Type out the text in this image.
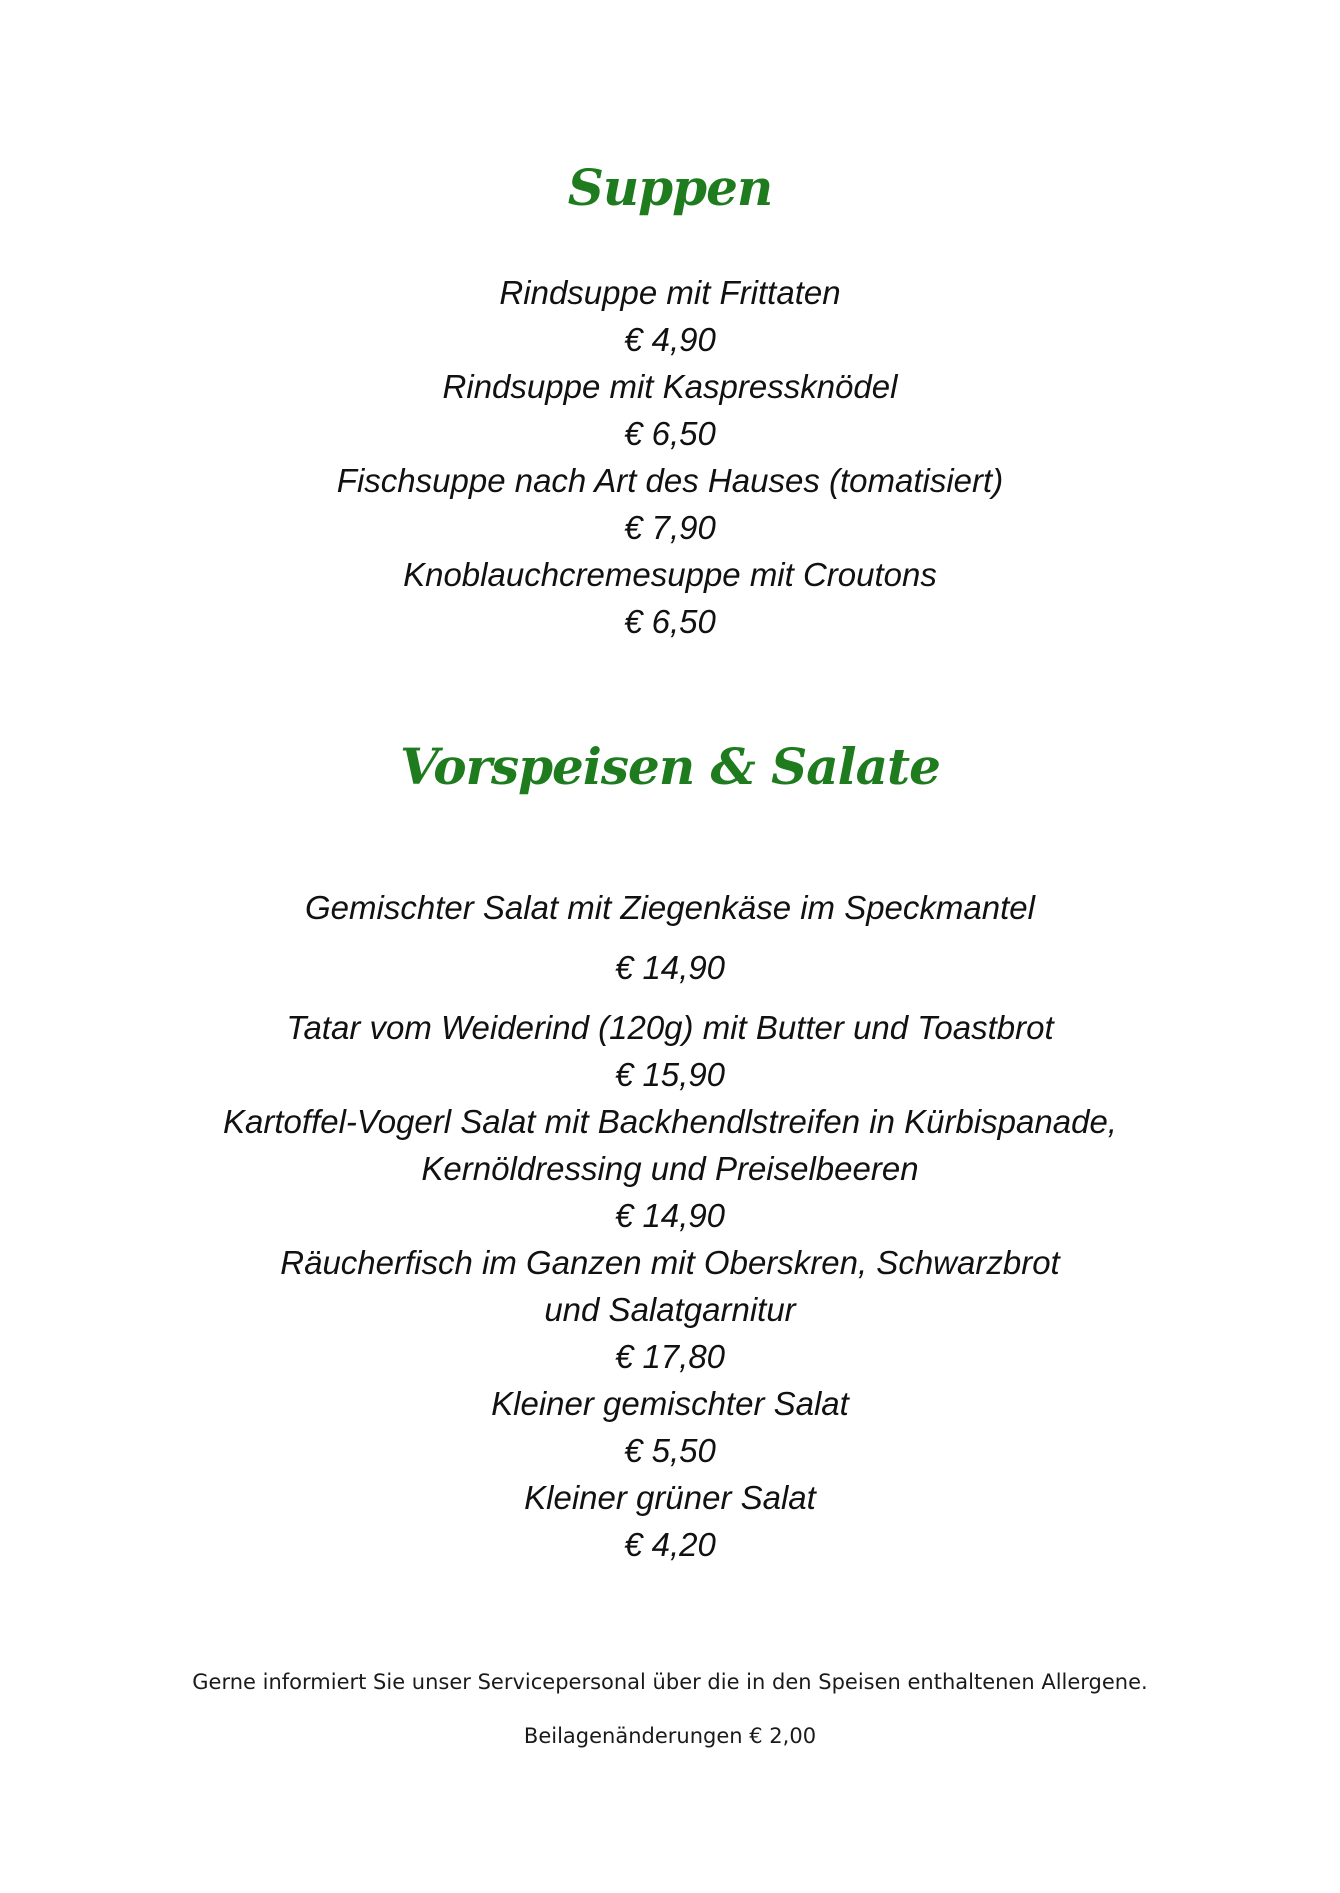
Suppen
Rindsuppe mit Frittaten
€ 4,90
Rindsuppe mit Kaspressknödel
€ 6,50
Fischsuppe nach Art des Hauses (tomatisiert)
€ 7,90
Knoblauchcremesuppe mit Croutons
€ 6,50
Vorspeisen & Salate
Gemischter Salat mit Ziegenkäse im Speckmantel
€ 14,90
Tatar vom Weiderind (120g) mit Butter und Toastbrot
€ 15,90
Kartoffel-Vogerl Salat mit Backhendlstreifen in Kürbispanade,
Kernöldressing und Preiselbeeren
€ 14,90
Räucherfisch im Ganzen mit Oberskren, Schwarzbrot
und Salatgarnitur
€ 17,80
Kleiner gemischter Salat
€ 5,50
Kleiner grüner Salat
€ 4,20
Gerne informiert Sie unser Servicepersonal über die in den Speisen enthaltenen Allergene.
Beilagenänderungen € 2,00
